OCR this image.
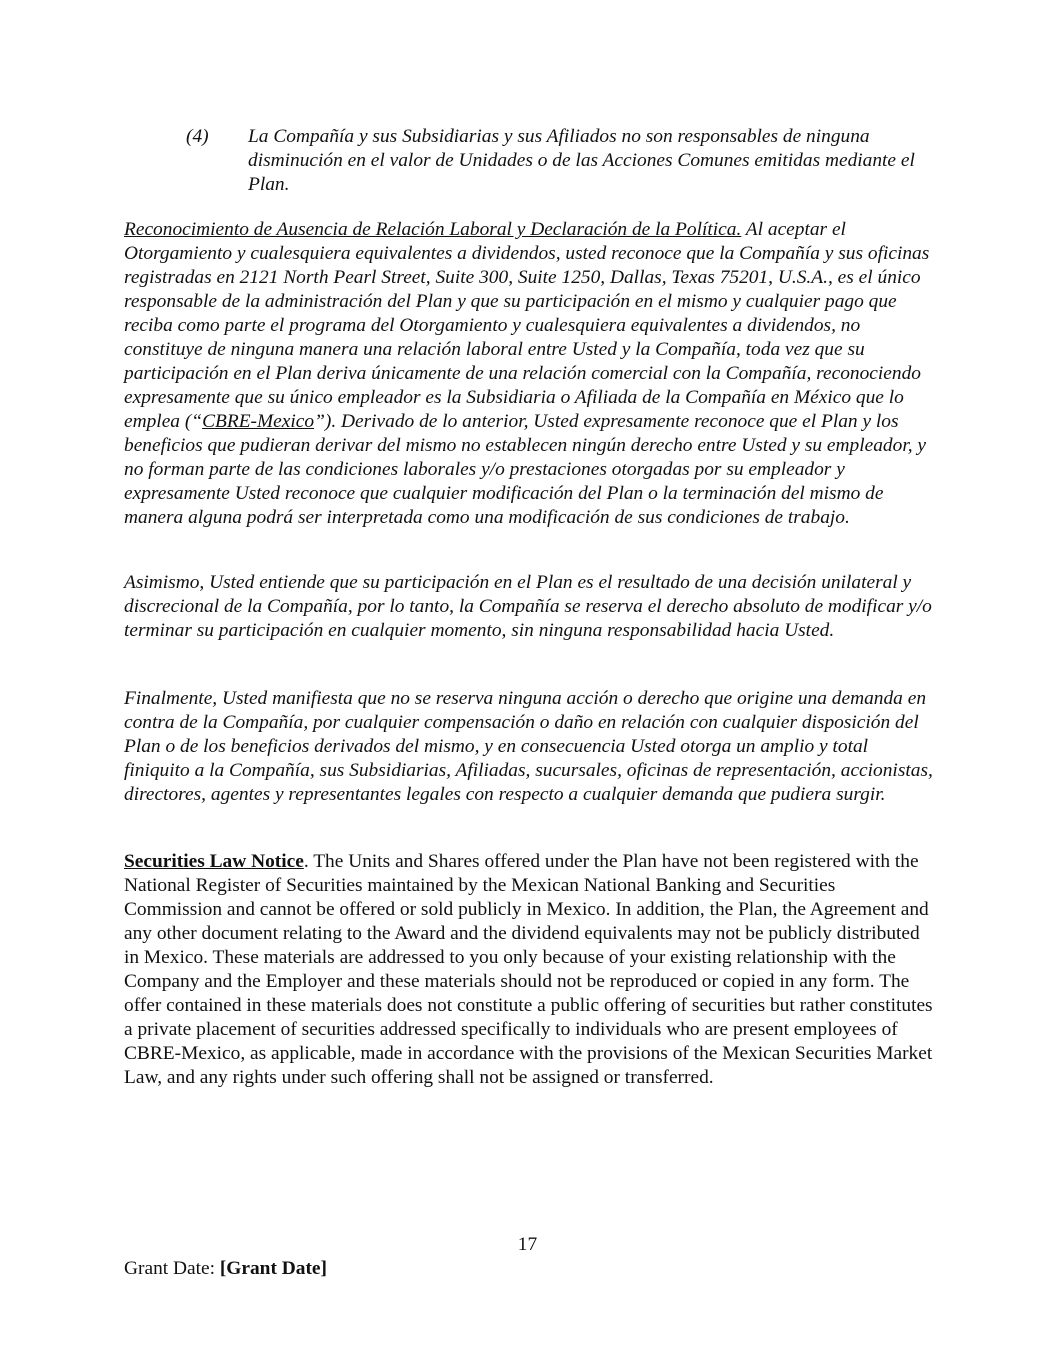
(4) La Compañía y sus Subsidiarias y sus Afiliados no son responsables de ninguna disminución en el valor de Unidades o de las Acciones Comunes emitidas mediante el Plan.

Reconocimiento de Ausencia de Relación Laboral y Declaración de la Política. Al aceptar el Otorgamiento y cualesquiera equivalentes a dividendos, usted reconoce que la Compañía y sus oficinas registradas en 2121 North Pearl Street, Suite 300, Suite 1250, Dallas, Texas 75201, U.S.A., es el único responsable de la administración del Plan y que su participación en el mismo y cualquier pago que reciba como parte el programa del Otorgamiento y cualesquiera equivalentes a dividendos, no constituye de ninguna manera una relación laboral entre Usted y la Compañía, toda vez que su participación en el Plan deriva únicamente de una relación comercial con la Compañía, reconociendo expresamente que su único empleador es la Subsidiaria o Afiliada de la Compañía en México que lo emplea (“CBRE-Mexico”). Derivado de lo anterior, Usted expresamente reconoce que el Plan y los beneficios que pudieran derivar del mismo no establecen ningún derecho entre Usted y su empleador, y no forman parte de las condiciones laborales y/o prestaciones otorgadas por su empleador y expresamente Usted reconoce que cualquier modificación del Plan o la terminación del mismo de manera alguna podrá ser interpretada como una modificación de sus condiciones de trabajo.

Asimismo, Usted entiende que su participación en el Plan es el resultado de una decisión unilateral y discrecional de la Compañía, por lo tanto, la Compañía se reserva el derecho absoluto de modificar y/o terminar su participación en cualquier momento, sin ninguna responsabilidad hacia Usted.

Finalmente, Usted manifiesta que no se reserva ninguna acción o derecho que origine una demanda en contra de la Compañía, por cualquier compensación o daño en relación con cualquier disposición del Plan o de los beneficios derivados del mismo, y en consecuencia Usted otorga un amplio y total finiquito a la Compañía, sus Subsidiarias, Afiliadas, sucursales, oficinas de representación, accionistas, directores, agentes y representantes legales con respecto a cualquier demanda que pudiera surgir.

Securities Law Notice. The Units and Shares offered under the Plan have not been registered with the National Register of Securities maintained by the Mexican National Banking and Securities Commission and cannot be offered or sold publicly in Mexico. In addition, the Plan, the Agreement and any other document relating to the Award and the dividend equivalents may not be publicly distributed in Mexico. These materials are addressed to you only because of your existing relationship with the Company and the Employer and these materials should not be reproduced or copied in any form. The offer contained in these materials does not constitute a public offering of securities but rather constitutes a private placement of securities addressed specifically to individuals who are present employees of CBRE-Mexico, as applicable, made in accordance with the provisions of the Mexican Securities Market Law, and any rights under such offering shall not be assigned or transferred.

17
Grant Date: [Grant Date]
